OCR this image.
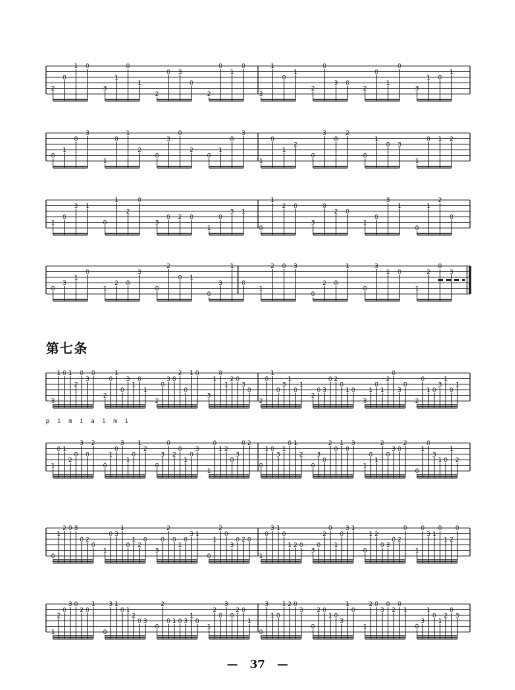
2
0
1 0
3
1
0
1
2
0 3
0
2
0
1
0
3
1
0
1
2
0
3 0
2
0
1
0
3
1 0
1
0
1
0
3
1
0
1
2
0
3
0
2
0
1
0
3
1
0
1
2
0
3
0
2
0
1
0 3
1
0 1 2
1
0
3 1
0
1
2
0
3
0 2 0
1
0
3 1
0
1
2 0
3
0
2 0
1
0
3
1
0
1
2
0
0
3
1
0
1
2 0
3
0
2
0 1
0
3
1
0
1
2 0 3
0
2 0
1
0
3
1 0
1
2
0
3
3
1 0 1
2
0
3
0
2
0
1
0
3
1
0
1
2
0
3 0
2
0
1 0
3
1
0
1
2 0
3
0
2
0
1
0
3
1
0
1
2
0 3
0 2
0
1 0
3
1
0
1
2
0
3
0
2
0
1 0
3
1
0
1
1
0 1
2
0
3
0
2
0
1
0
3
1
0
1
2
0
3
0
2
0
1
0
3
1
0
1 2
0
3
0 2
0
1 0
3
1
0 1
2
0
3
0
2
0
1
0
3
1
0
1
2
0
3 0
2
0
1
0
3
1 0
1
2
0
1
2 0 3
0 2
0
1
0 3
1
0
1
2
0
3
0
2
0
1
0
3 1
0
1
2
0
3
0 2 0
1
0
3 1
0
1 2 0
3
0
2
0
1
0
3 1
0
1 2
0 3
0 2
0
1
0
3 1
0
1 2
0
1
2
0
3 0
2 0
1
0
3 1
0 1
2
0 3
0
2
0 1 0 3
1
0
1
2
0
3
0
2 0
1
0
3
1 0
1 2 0
3
0
2 0
1 0
3
1
0
1
2 0
3
0
2
0
1
0
3
1
0
1
2
0
3
第七条
p i m i a i m i
— 37 —
